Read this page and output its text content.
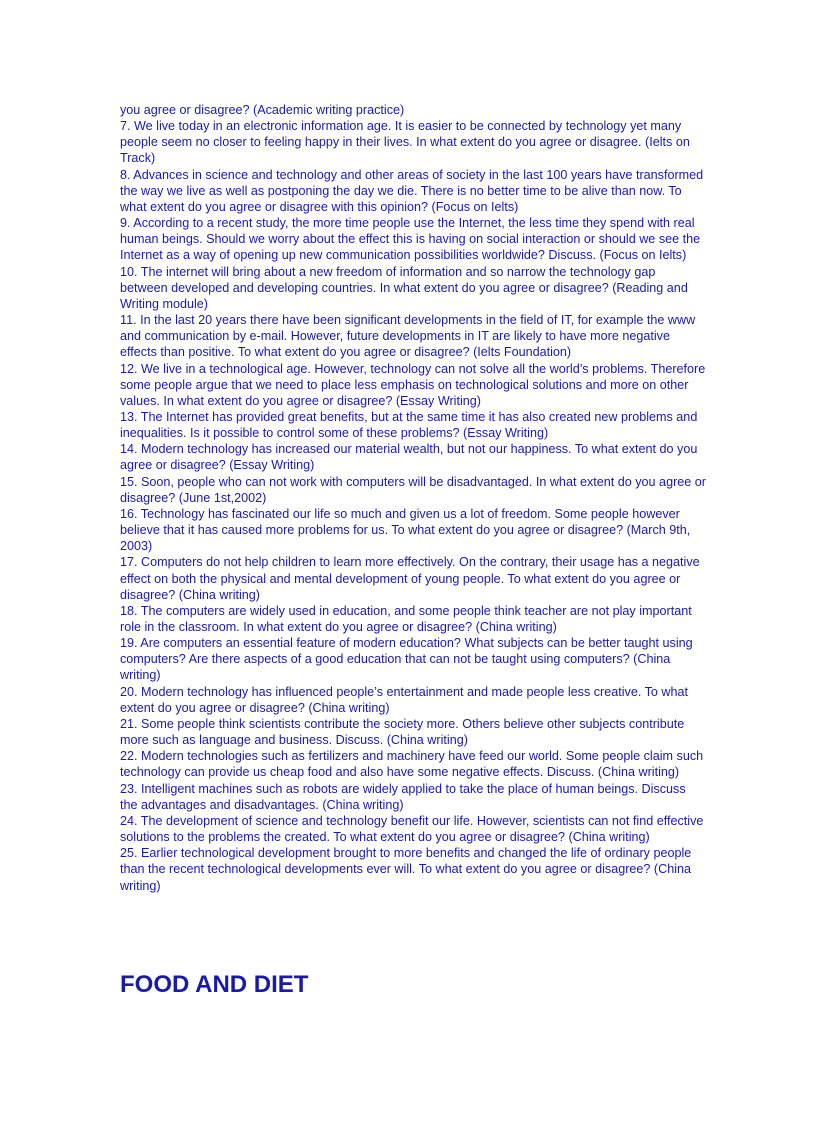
you agree or disagree? (Academic writing practice)

7. We live today in an electronic information age. It is easier to be connected by technology yet many people seem no closer to feeling happy in their lives. In what extent do you agree or disagree. (Ielts on Track)

8. Advances in science and technology and other areas of society in the last 100 years have transformed the way we live as well as postponing the day we die. There is no better time to be alive than now. To what extent do you agree or disagree with this opinion? (Focus on Ielts)

9. According to a recent study, the more time people use the Internet, the less time they spend with real human beings. Should we worry about the effect this is having on social interaction or should we see the Internet as a way of opening up new communication possibilities worldwide? Discuss. (Focus on Ielts)

10. The internet will bring about a new freedom of information and so narrow the technology gap between developed and developing countries. In what extent do you agree or disagree? (Reading and Writing module)

11. In the last 20 years there have been significant developments in the field of IT, for example the www and communication by e-mail. However, future developments in IT are likely to have more negative effects than positive. To what extent do you agree or disagree? (Ielts Foundation)

12. We live in a technological age. However, technology can not solve all the world’s problems. Therefore some people argue that we need to place less emphasis on technological solutions and more on other values. In what extent do you agree or disagree? (Essay Writing)

13. The Internet has provided great benefits, but at the same time it has also created new problems and inequalities. Is it possible to control some of these problems? (Essay Writing)

14. Modern technology has increased our material wealth, but not our happiness. To what extent do you agree or disagree? (Essay Writing)

15. Soon, people who can not work with computers will be disadvantaged. In what extent do you agree or disagree? (June 1st,2002)

16. Technology has fascinated our life so much and given us a lot of freedom. Some people however believe that it has caused more problems for us. To what extent do you agree or disagree? (March 9th, 2003)

17. Computers do not help children to learn more effectively. On the contrary, their usage has a negative effect on both the physical and mental development of young people. To what extent do you agree or disagree? (China writing)

18. The computers are widely used in education, and some people think teacher are not play important role in the classroom. In what extent do you agree or disagree? (China writing)

19. Are computers an essential feature of modern education? What subjects can be better taught using computers? Are there aspects of a good education that can not be taught using computers? (China writing)

20. Modern technology has influenced people’s entertainment and made people less creative. To what extent do you agree or disagree? (China writing)

21. Some people think scientists contribute the society more. Others believe other subjects contribute more such as language and business. Discuss. (China writing)

22. Modern technologies such as fertilizers and machinery have feed our world. Some people claim such technology can provide us cheap food and also have some negative effects. Discuss. (China writing)

23. Intelligent machines such as robots are widely applied to take the place of human beings. Discuss the advantages and disadvantages. (China writing)

24. The development of science and technology benefit our life. However, scientists can not find effective solutions to the problems the created. To what extent do you agree or disagree? (China writing)

25. Earlier technological development brought to more benefits and changed the life of ordinary people than the recent technological developments ever will. To what extent do you agree or disagree? (China writing)

FOOD AND DIET
